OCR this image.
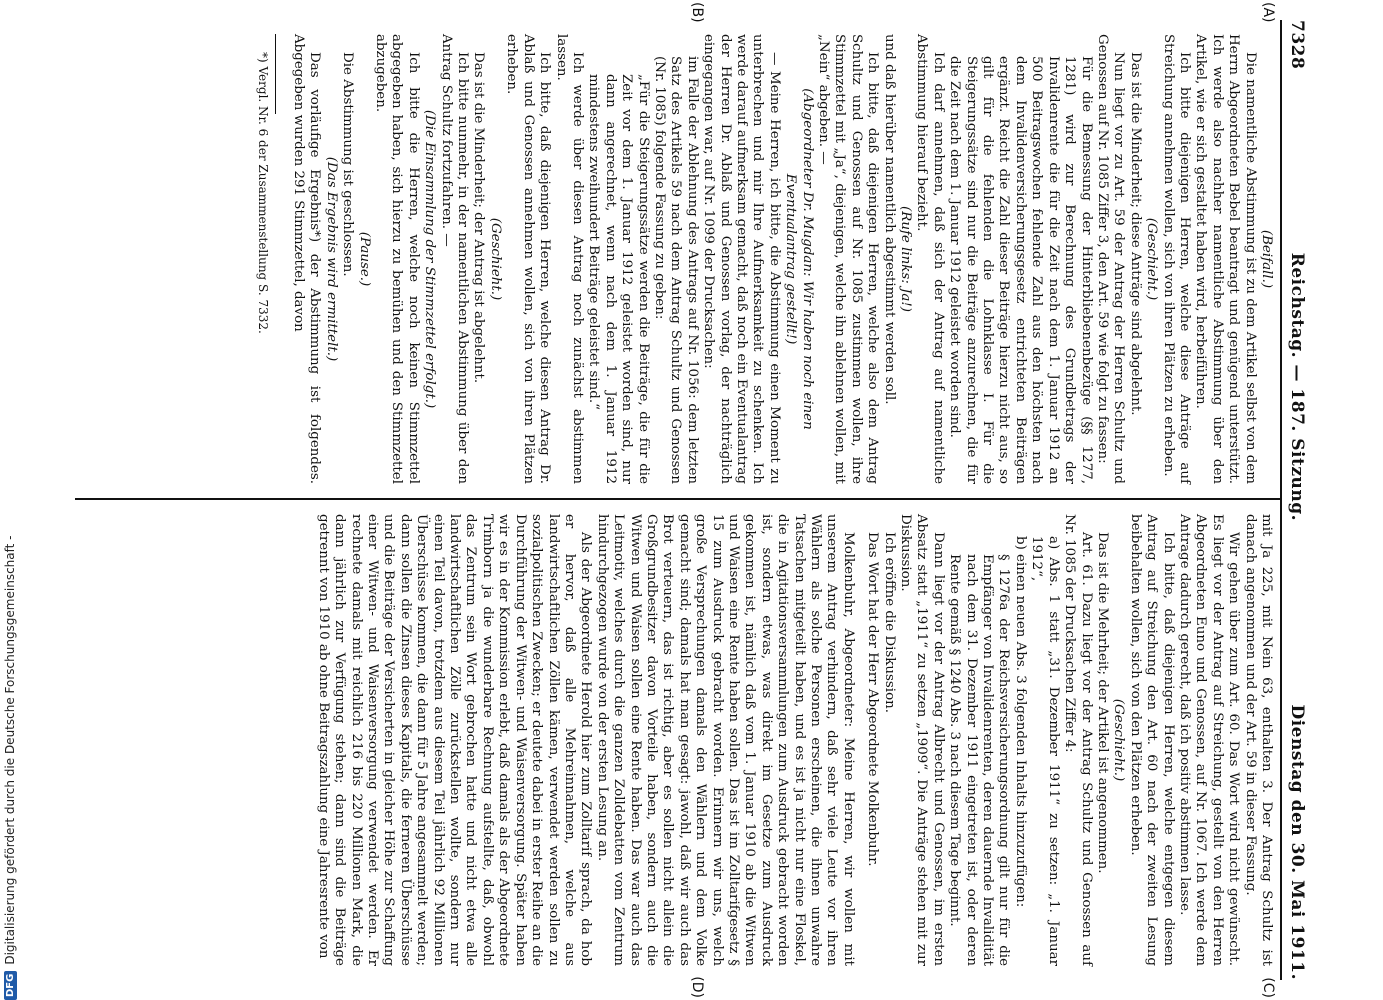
7328
Reichstag. — 187. Sitzung.
Dienstag den 30. Mai 1911.
(A)
(B)
(C)
(D)

(Beifall.)

Die namentliche Abstimmung ist zu dem Artikel selbst von dem Herrn Abgeordneten Bebel beantragt und genügend unterstützt. Ich werde also nachher namentliche Abstimmung über den Artikel, wie er sich gestaltet haben wird, herbeiführen.

Ich bitte diejenigen Herren, welche diese Anträge auf Streichung annehmen wollen, sich von ihren Plätzen zu erheben.

(Geschieht.)

Das ist die Minderheit; diese Anträge sind abgelehnt.

Nun liegt vor zu Art. 59 der Antrag der Herren Schultz und Genossen auf Nr. 1085 Ziffer 3, den Art. 59 wie folgt zu fassen:

Für die Bemessung der Hinterbliebenenbezüge (§§ 1277, 1281) wird zur Berechnung des Grundbetrags der Invalidenrente die für die Zeit nach dem 1. Januar 1912 an 500 Beitragswochen fehlende Zahl aus den höchsten nach dem Invalidenversicherungsgesetz entrichteten Beiträgen ergänzt. Reicht die Zahl dieser Beiträge hierzu nicht aus, so gilt für die fehlenden die Lohnklasse I. Für die Steigerungssätze sind nur die Beiträge anzurechnen, die für die Zeit nach dem 1. Januar 1912 geleistet worden sind.

Ich darf annehmen, daß sich der Antrag auf namentliche Abstimmung hierauf bezieht.

(Rufe links: Ja!)

und daß hierüber namentlich abgestimmt werden soll.

Ich bitte, daß diejenigen Herren, welche also dem Antrag Schultz und Genossen auf Nr. 1085 zustimmen wollen, ihre Stimmzettel mit „Ja“, diejenigen, welche ihn ablehnen wollen, mit „Nein“ abgeben. —

(Abgeordneter Dr. Mugdan: Wir haben noch einen Eventualantrag gestellt!)

— Meine Herren, ich bitte, die Abstimmung einen Moment zu unterbrechen und mir Ihre Aufmerksamkeit zu schenken. Ich werde darauf aufmerksam gemacht, daß noch ein Eventualantrag der Herren Dr. Ablaß und Genossen vorlag, der nachträglich eingegangen war, auf Nr. 1099 der Drucksachen:

im Falle der Ablehnung des Antrags auf Nr. 1056: dem letzten Satz des Artikels 59 nach dem Antrag Schultz und Genossen (Nr. 1085) folgende Fassung zu geben:

„Für die Steigerungssätze werden die Beiträge, die für die Zeit vor dem 1. Januar 1912 geleistet worden sind, nur dann angerechnet, wenn nach dem 1. Januar 1912 mindestens zweihundert Beiträge geleistet sind.“

Ich werde über diesen Antrag noch zunächst abstimmen lassen.

Ich bitte, daß diejenigen Herren, welche diesen Antrag Dr. Ablaß und Genossen annehmen wollen, sich von ihren Plätzen erheben.

(Geschieht.)

Das ist die Minderheit; der Antrag ist abgelehnt.

Ich bitte nunmehr, in der namentlichen Abstimmung über den Antrag Schultz fortzufahren. —

(Die Einsammlung der Stimmzettel erfolgt.)

Ich bitte die Herren, welche noch keinen Stimmzettel abgegeben haben, sich hierzu zu bemühen und den Stimmzettel abzugeben.

(Pause.)

Die Abstimmung ist geschlossen.

(Das Ergebnis wird ermittelt.)

Das vorläufige Ergebnis*) der Abstimmung ist folgendes. Abgegeben wurden 291 Stimmzettel, davon

*) Vergl. Nr. 6 der Zusammenstellung S. 7332.

mit Ja 225, mit Nein 63, enthalten 3. Der Antrag Schultz ist danach angenommen und der Art. 59 in dieser Fassung.

Wir gehen über zum Art. 60. Das Wort wird nicht gewünscht. Es liegt vor der Antrag auf Streichung, gestellt von den Herren Abgeordneten Euno und Genossen, auf Nr. 1067. Ich werde dem Antrage dadurch gerecht, daß ich positiv abstimmen lasse.

Ich bitte, daß diejenigen Herren, welche entgegen diesem Antrag auf Streichung den Art. 60 nach der zweiten Lesung beibehalten wollen, sich von den Plätzen erheben.

(Geschieht.)

Das ist die Mehrheit; der Artikel ist angenommen.

Art. 61. Dazu liegt vor der Antrag Schultz und Genossen auf Nr. 1085 der Drucksachen Ziffer 4:

a) Abs. 1 statt „31. Dezember 1911“ zu setzen: „1. Januar 1912“,

b) einen neuen Abs. 3 folgenden Inhalts hinzuzufügen:

§ 1276a der Reichsversicherungsordnung gilt nur für die Empfänger von Invalidenrenten, deren dauernde Invalidität nach dem 31. Dezember 1911 eingetreten ist, oder deren Rente gemäß § 1240 Abs. 3 nach diesem Tage beginnt.

Dann liegt vor der Antrag Albrecht und Genossen, im ersten Absatz statt „1911“ zu setzen „1909“. Die Anträge stehen mit zur Diskussion.

Ich eröffne die Diskussion.

Das Wort hat der Herr Abgeordnete Molkenbuhr.

Molkenbuhr, Abgeordneter: Meine Herren, wir wollen mit unserem Antrag verhindern, daß sehr viele Leute vor ihren Wählern als solche Personen erscheinen, die ihnen unwahre Tatsachen mitgeteilt haben, und es ist ja nicht nur eine Floskel, die in Agitationsversammlungen zum Ausdruck gebracht worden ist, sondern etwas, was direkt im Gesetze zum Ausdruck gekommen ist, nämlich daß vom 1. Januar 1910 ab die Witwen und Waisen eine Rente haben sollen. Das ist im Zolltarifgesetz § 15 zum Ausdruck gebracht worden. Erinnern wir uns, welch große Versprechungen damals den Wählern und dem Volke gemacht sind; damals hat man gesagt: jawohl, daß wir auch das Brot verteuern, das ist richtig, aber es sollen nicht allein die Großgrundbesitzer davon Vorteile haben, sondern auch die Witwen und Waisen sollen eine Rente haben. Das war auch das Leitmotiv, welches durch die ganzen Zolldebatten vom Zentrum hindurchgezogen wurde von der ersten Lesung an.

Als der Abgeordnete Herold hier zum Zolltarif sprach, da hob er hervor, daß alle Mehreinnahmen, welche aus landwirtschaftlichen Zöllen kämen, verwendet werden sollen zu sozialpolitischen Zwecken; er deutete dabei in erster Reihe an die Durchführung der Witwen- und Waisenversorgung. Später haben wir es in der Kommission erlebt, daß damals als der Abgeordnete Trimborn ja die wunderbare Rechnung aufstellte, daß, obwohl das Zentrum sein Wort gebrochen hatte und nicht etwa alle landwirtschaftlichen Zölle zurückstellen wollte, sondern nur einen Teil davon, trotzdem aus diesem Teil jährlich 92 Millionen Überschüsse kommen, die dann für 5 Jahre angesammelt werden; dann sollen die Zinsen dieses Kapitals, die ferneren Überschüsse und die Beiträge der Versicherten in gleicher Höhe zur Schaffung einer Witwen- und Waisenversorgung verwendet werden. Er rechnete damals mit reichlich 216 bis 220 Millionen Mark, die dann jährlich zur Verfügung stehen; dann sind die Beiträge getrennt von 1910 ab ohne Beitragszahlung eine Jahresrente von

DFG
Digitalisierung gefördert durch die Deutsche Forschungsgemeinschaft -
